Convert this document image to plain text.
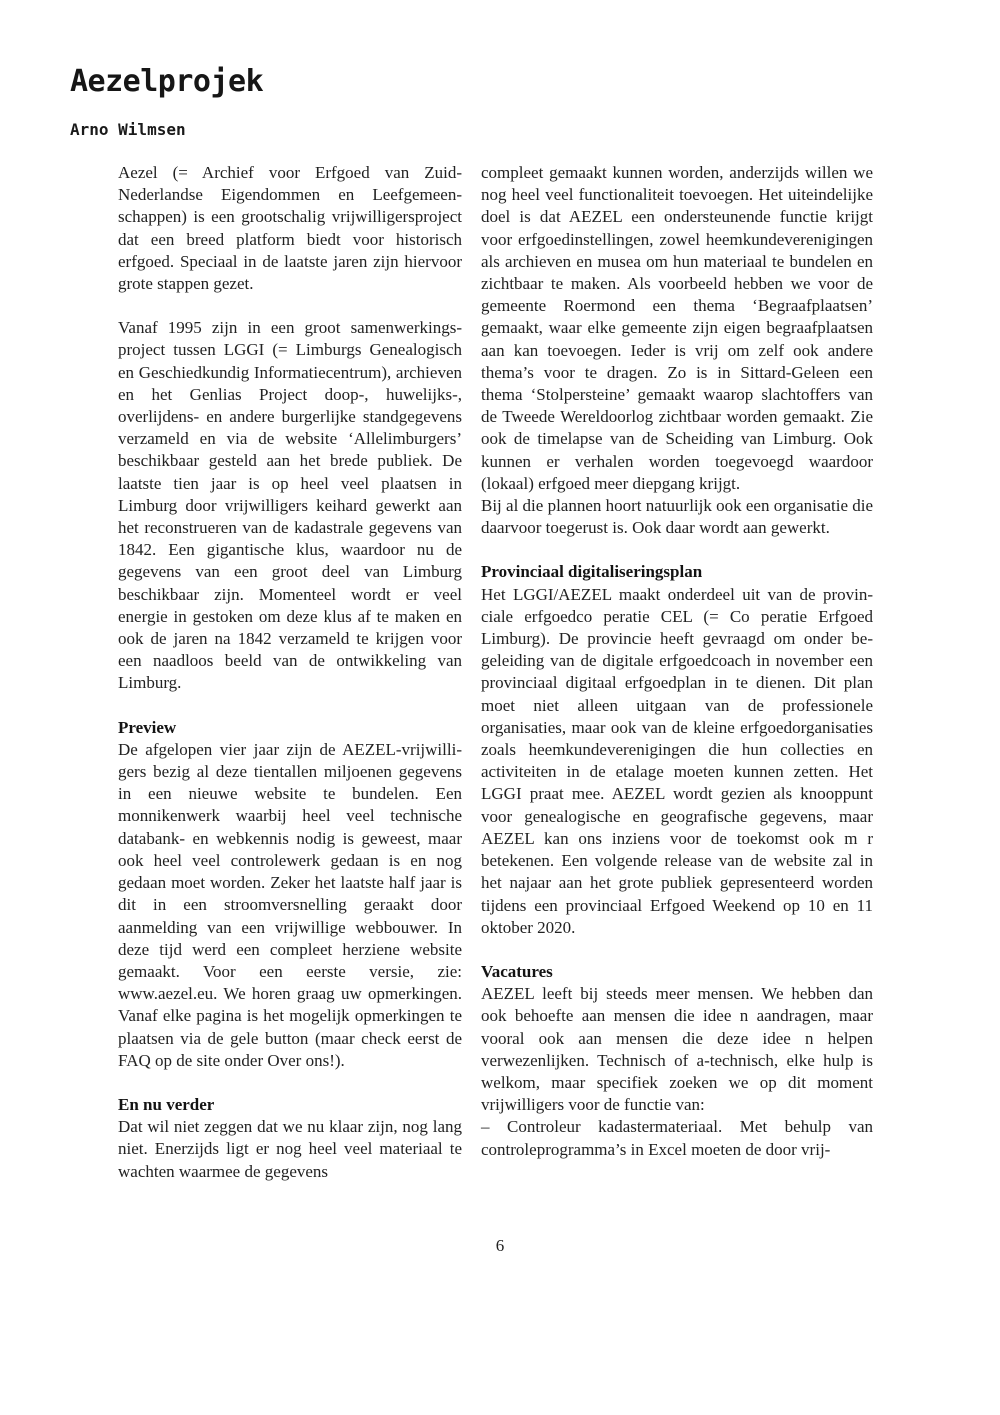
Aezelprojek
Arno Wilmsen

Aezel (= Archief voor Erfgoed van Zuid-Nederlandse Eigendommen en Leefgemeenschappen) is een grootschalig vrijwilligersproject dat een breed platform biedt voor historisch erfgoed. Speciaal in de laatste jaren zijn hiervoor grote stappen gezet.

Vanaf 1995 zijn in een groot samenwerkingsproject tussen LGGI (= Limburgs Genealogisch en Geschiedkundig Informatiecentrum), archieven en het Genlias Project doop-, huwelijks-, overlijdens- en andere burgerlijke standgegevens verzameld en via de website ‘Allelimburgers’ beschikbaar gesteld aan het brede publiek. De laatste tien jaar is op heel veel plaatsen in Limburg door vrijwilligers keihard gewerkt aan het reconstrueren van de kadastrale gegevens van 1842. Een gigantische klus, waardoor nu de gegevens van een groot deel van Limburg beschikbaar zijn. Momenteel wordt er veel energie in gestoken om deze klus af te maken en ook de jaren na 1842 verzameld te krijgen voor een naadloos beeld van de ontwikkeling van Limburg.

Preview

De afgelopen vier jaar zijn de AEZEL-vrijwilligers bezig al deze tientallen miljoenen gegevens in een nieuwe website te bundelen. Een monnikenwerk waarbij heel veel technische databank- en webkennis nodig is geweest, maar ook heel veel controlewerk gedaan is en nog gedaan moet worden. Zeker het laatste half jaar is dit in een stroomversnelling geraakt door aanmelding van een vrijwillige webbouwer. In deze tijd werd een compleet herziene website gemaakt. Voor een eerste versie, zie: www.aezel.eu. We horen graag uw opmerkingen. Vanaf elke pagina is het mogelijk opmerkingen te plaatsen via de gele button (maar check eerst de FAQ op de site onder Over ons!).

En nu verder

Dat wil niet zeggen dat we nu klaar zijn, nog lang niet. Enerzijds ligt er nog heel veel materiaal te wachten waarmee de gegevens

compleet gemaakt kunnen worden, anderzijds willen we nog heel veel functionaliteit toevoegen. Het uiteindelijke doel is dat AEZEL een ondersteunende functie krijgt voor erfgoedinstellingen, zowel heemkundeverenigingen als archieven en musea om hun materiaal te bundelen en zichtbaar te maken. Als voorbeeld hebben we voor de gemeente Roermond een thema ‘Begraafplaatsen’ gemaakt, waar elke gemeente zijn eigen begraafplaatsen aan kan toevoegen. Ieder is vrij om zelf ook andere thema’s voor te dragen. Zo is in Sittard-Geleen een thema ‘Stolpersteine’ gemaakt waarop slachtoffers van de Tweede Wereldoorlog zichtbaar worden gemaakt. Zie ook de timelapse van de Scheiding van Limburg. Ook kunnen er verhalen worden toegevoegd waardoor (lokaal) erfgoed meer diepgang krijgt.

Bij al die plannen hoort natuurlijk ook een organisatie die daarvoor toegerust is. Ook daar wordt aan gewerkt.

Provinciaal digitaliseringsplan

Het LGGI/AEZEL maakt onderdeel uit van de provinciale erfgoedco peratie CEL (= Co peratie Erfgoed Limburg). De provincie heeft gevraagd om onder begeleiding van de digitale erfgoedcoach in november een provinciaal digitaal erfgoedplan in te dienen. Dit plan moet niet alleen uitgaan van de professionele organisaties, maar ook van de kleine erfgoedorganisaties zoals heemkundeverenigingen die hun collecties en activiteiten in de etalage moeten kunnen zetten. Het LGGI praat mee. AEZEL wordt gezien als knooppunt voor genealogische en geografische gegevens, maar AEZEL kan ons inziens voor de toekomst ook m r betekenen. Een volgende release van de website zal in het najaar aan het grote publiek gepresenteerd worden tijdens een provinciaal Erfgoed Weekend op 10 en 11 oktober 2020.

Vacatures

AEZEL leeft bij steeds meer mensen. We hebben dan ook behoefte aan mensen die idee n aandragen, maar vooral ook aan mensen die deze idee n helpen verwezenlijken. Technisch of a-technisch, elke hulp is welkom, maar specifiek zoeken we op dit moment vrijwilligers voor de functie van:

– Controleur kadastermateriaal. Met behulp van controleprogramma’s in Excel moeten de door vrij-

6
